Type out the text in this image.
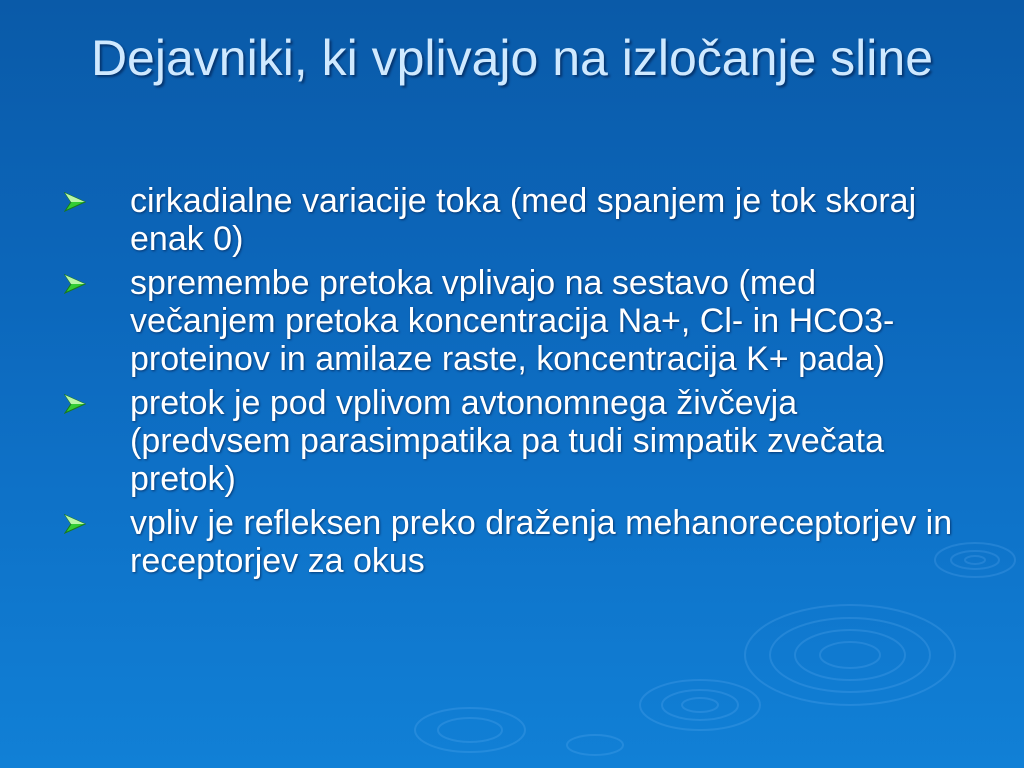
Dejavniki, ki vplivajo na izločanje sline
cirkadialne variacije toka (med spanjem je tok skoraj enak 0)
spremembe pretoka vplivajo na sestavo (med večanjem pretoka koncentracija Na+, Cl- in HCO3- proteinov in amilaze raste, koncentracija K+ pada)
pretok je pod vplivom avtonomnega živčevja (predvsem parasimpatika pa tudi simpatik zvečata pretok)
vpliv je refleksen preko draženja mehanoreceptorjev in receptorjev za okus
